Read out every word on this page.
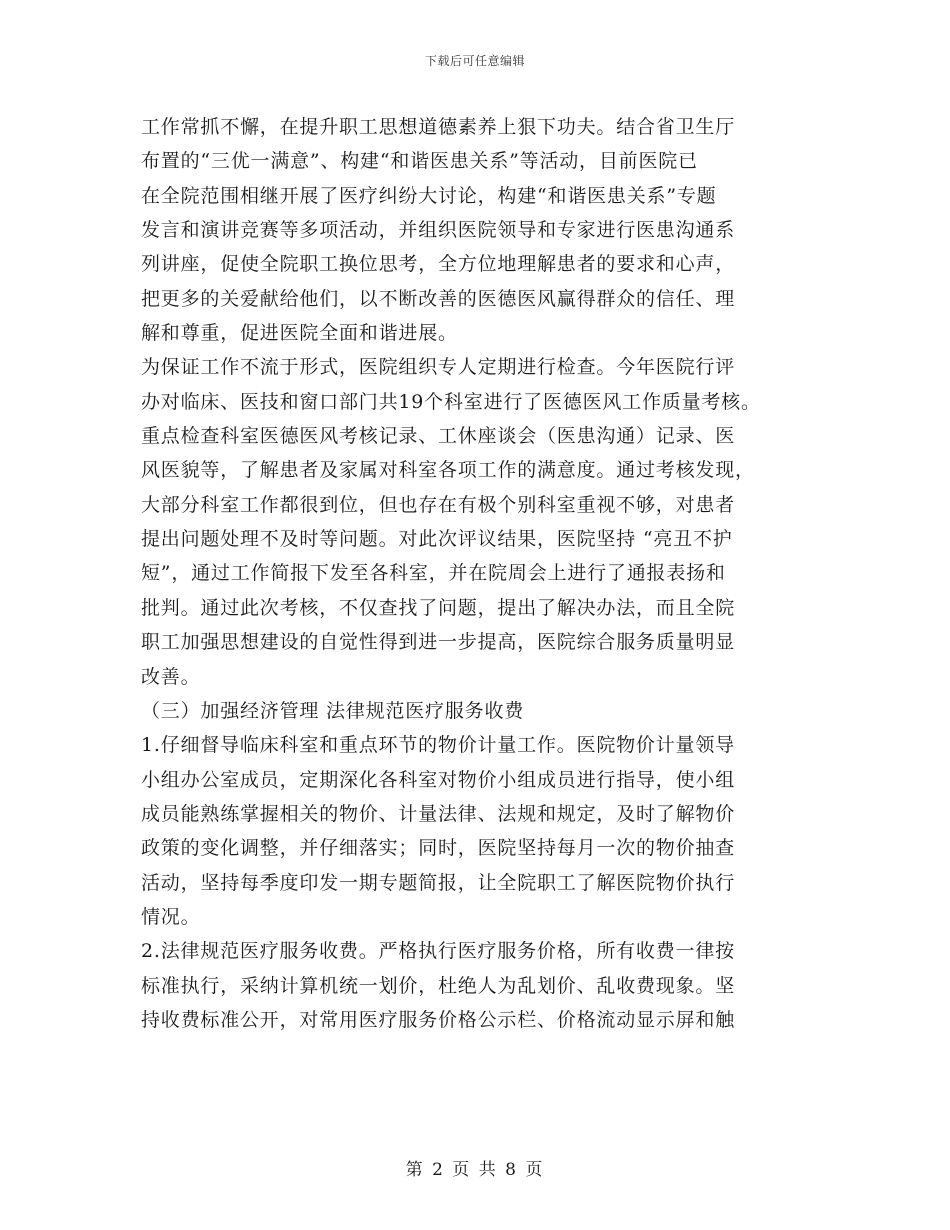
下载后可任意编辑
工作常抓不懈，在提升职工思想道德素养上狠下功夫。结合省卫生厅
布置的“三优一满意”、构建“和谐医患关系”等活动，目前医院已
在全院范围相继开展了医疗纠纷大讨论，构建“和谐医患关系”专题
发言和演讲竞赛等多项活动，并组织医院领导和专家进行医患沟通系
列讲座，促使全院职工换位思考，全方位地理解患者的要求和心声，
把更多的关爱献给他们，以不断改善的医德医风赢得群众的信任、理
解和尊重，促进医院全面和谐进展。
为保证工作不流于形式，医院组织专人定期进行检查。今年医院行评
办对临床、医技和窗口部门共19个科室进行了医德医风工作质量考核。
重点检查科室医德医风考核记录、工休座谈会（医患沟通）记录、医
风医貌等，了解患者及家属对科室各项工作的满意度。通过考核发现，
大部分科室工作都很到位，但也存在有极个别科室重视不够，对患者
提出问题处理不及时等问题。对此次评议结果，医院坚持 “亮丑不护
短”，通过工作简报下发至各科室，并在院周会上进行了通报表扬和
批判。通过此次考核，不仅查找了问题，提出了解决办法，而且全院
职工加强思想建设的自觉性得到进一步提高，医院综合服务质量明显
改善。
（三）加强经济管理 法律规范医疗服务收费
1.仔细督导临床科室和重点环节的物价计量工作。医院物价计量领导
小组办公室成员，定期深化各科室对物价小组成员进行指导，使小组
成员能熟练掌握相关的物价、计量法律、法规和规定，及时了解物价
政策的变化调整，并仔细落实；同时，医院坚持每月一次的物价抽查
活动，坚持每季度印发一期专题简报，让全院职工了解医院物价执行
情况。
2.法律规范医疗服务收费。严格执行医疗服务价格，所有收费一律按
标准执行，采纳计算机统一划价，杜绝人为乱划价、乱收费现象。坚
持收费标准公开，对常用医疗服务价格公示栏、价格流动显示屏和触
第 2 页 共 8 页
